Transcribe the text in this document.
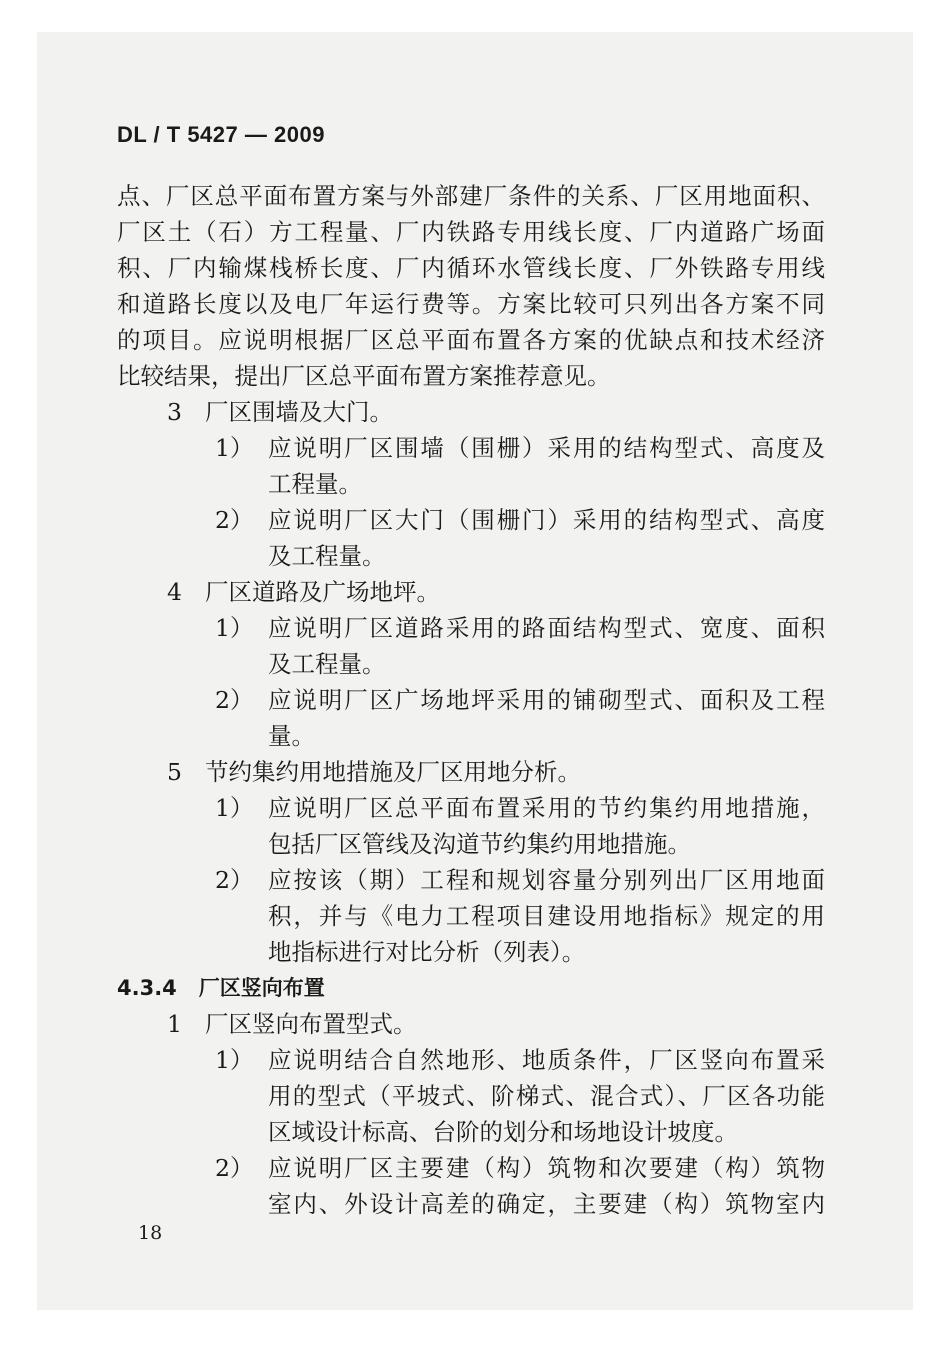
DL / T 5427 — 2009
点、厂区总平面布置方案与外部建厂条件的关系、厂区用地面积、
厂区土（石）方工程量、厂内铁路专用线长度、厂内道路广场面
积、厂内输煤栈桥长度、厂内循环水管线长度、厂外铁路专用线
和道路长度以及电厂年运行费等。方案比较可只列出各方案不同
的项目。应说明根据厂区总平面布置各方案的优缺点和技术经济
比较结果，提出厂区总平面布置方案推荐意见。
3 厂区围墙及大门。
1） 应说明厂区围墙（围栅）采用的结构型式、高度及
工程量。
2） 应说明厂区大门（围栅门）采用的结构型式、高度
及工程量。
4 厂区道路及广场地坪。
1） 应说明厂区道路采用的路面结构型式、宽度、面积
及工程量。
2） 应说明厂区广场地坪采用的铺砌型式、面积及工程
量。
5 节约集约用地措施及厂区用地分析。
1） 应说明厂区总平面布置采用的节约集约用地措施，
包括厂区管线及沟道节约集约用地措施。
2） 应按该（期）工程和规划容量分别列出厂区用地面
积，并与《电力工程项目建设用地指标》规定的用
地指标进行对比分析（列表）。
4.3.4 厂区竖向布置
1 厂区竖向布置型式。
1） 应说明结合自然地形、地质条件，厂区竖向布置采
用的型式（平坡式、阶梯式、混合式）、厂区各功能
区域设计标高、台阶的划分和场地设计坡度。
2） 应说明厂区主要建（构）筑物和次要建（构）筑物
室内、外设计高差的确定，主要建（构）筑物室内
18
